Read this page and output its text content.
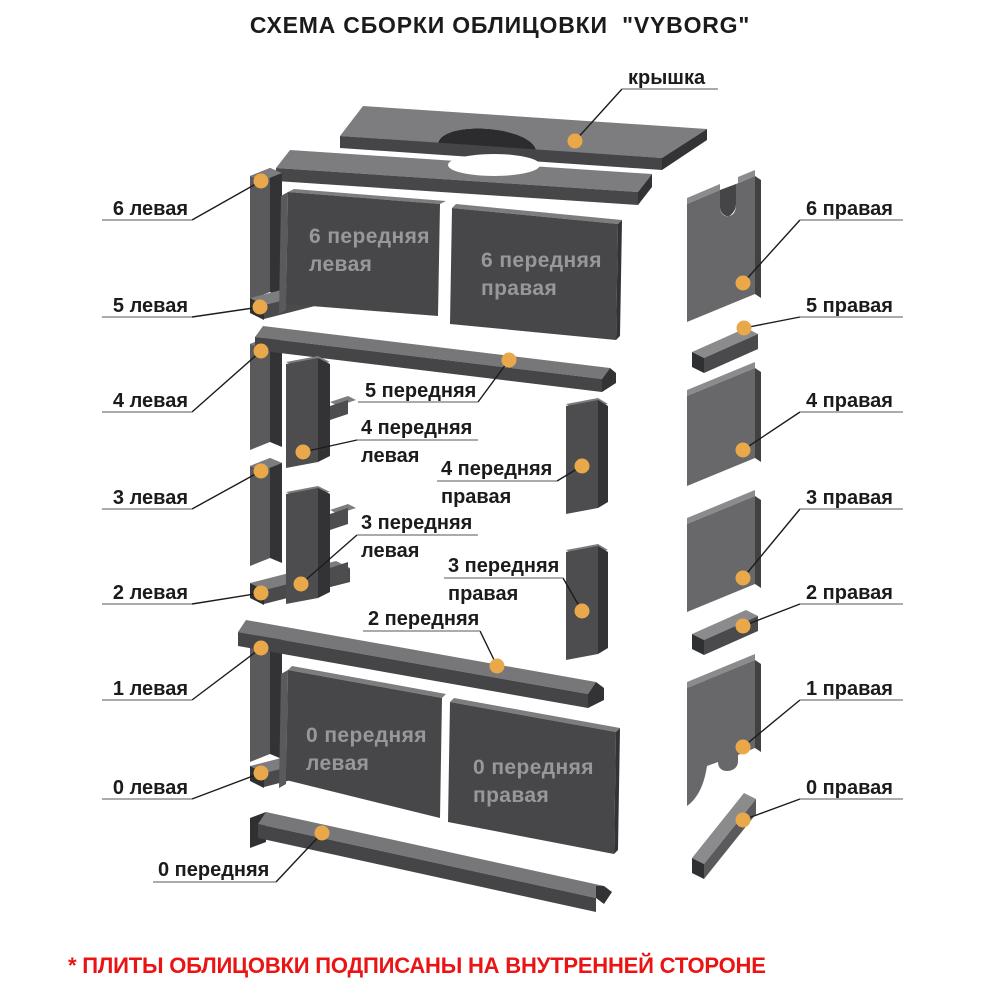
СХЕМА СБОРКИ ОБЛИЦОВКИ  "VYBORG"
6 передняя
левая	6 передняя
правая
0 передняя
левая	0 передняя
правая
крышка
6 левая
5 левая
4 левая
3 левая
2 левая
1 левая
0 левая
6 правая
5 правая
4 правая
3 правая
2 правая
1 правая
0 правая
5 передняя
4 передняя
левая
4 передняя
правая
3 передняя
левая
3 передняя
правая
2 передняя
0 передняя
* ПЛИТЫ ОБЛИЦОВКИ ПОДПИСАНЫ НА ВНУТРЕННЕЙ СТОРОНЕ
